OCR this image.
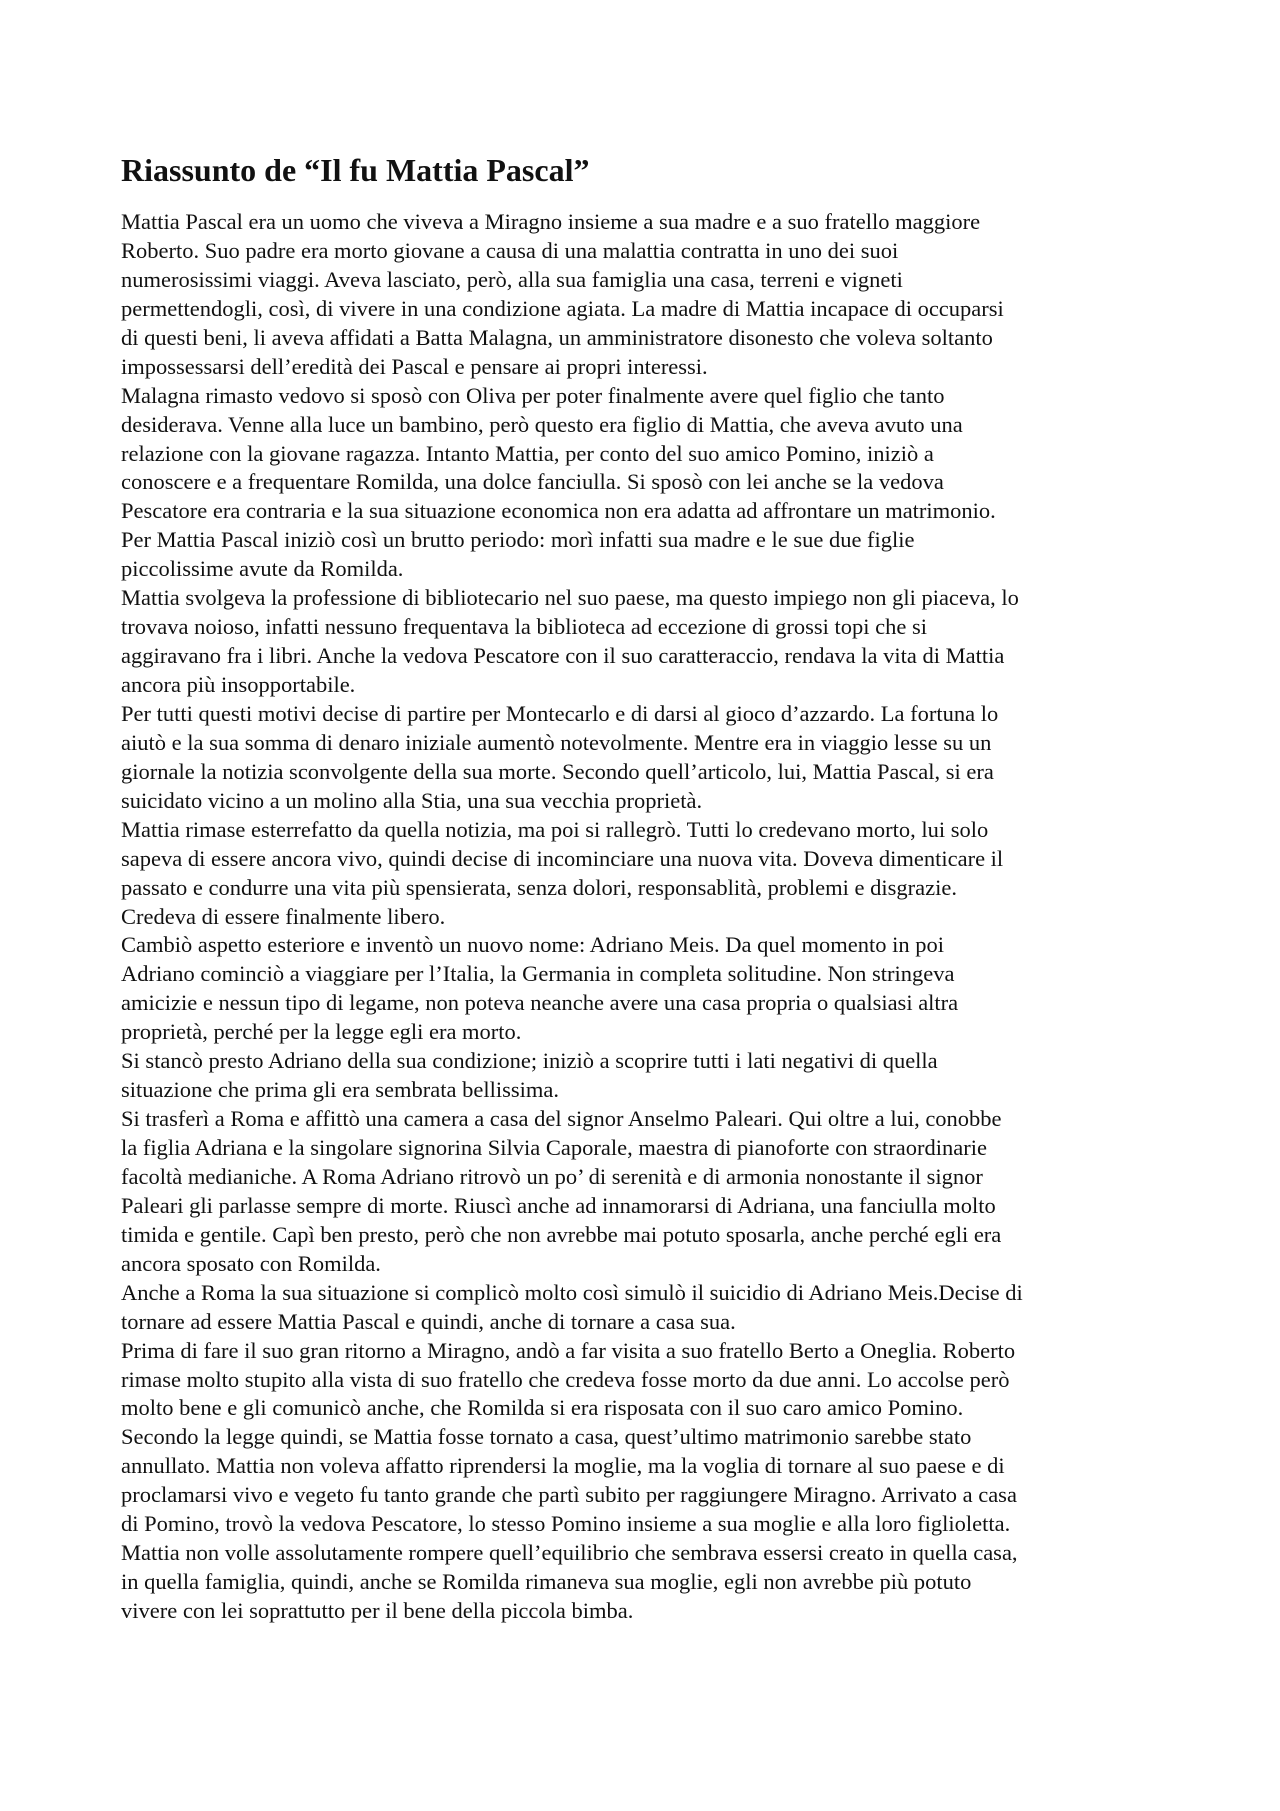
Riassunto de “Il fu Mattia Pascal”
Mattia Pascal era un uomo che viveva a Miragno insieme a sua madre e a suo fratello maggiore
Roberto. Suo padre era morto giovane a causa di una malattia contratta in uno dei suoi
numerosissimi viaggi. Aveva lasciato, però, alla sua famiglia una casa, terreni e vigneti
permettendogli, così, di vivere in una condizione agiata. La madre di Mattia incapace di occuparsi
di questi beni, li aveva affidati a Batta Malagna, un amministratore disonesto che voleva soltanto
impossessarsi dell’eredità dei Pascal e pensare ai propri interessi.
Malagna rimasto vedovo si sposò con Oliva per poter finalmente avere quel figlio che tanto
desiderava. Venne alla luce un bambino, però questo era figlio di Mattia, che aveva avuto una
relazione con la giovane ragazza. Intanto Mattia, per conto del suo amico Pomino, iniziò a
conoscere e a frequentare Romilda, una dolce fanciulla. Si sposò con lei anche se la vedova
Pescatore era contraria e la sua situazione economica non era adatta ad affrontare un matrimonio.
Per Mattia Pascal iniziò così un brutto periodo: morì infatti sua madre e le sue due figlie
piccolissime avute da Romilda.
Mattia svolgeva la professione di bibliotecario nel suo paese, ma questo impiego non gli piaceva, lo
trovava noioso, infatti nessuno frequentava la biblioteca ad eccezione di grossi topi che si
aggiravano fra i libri. Anche la vedova Pescatore con il suo caratteraccio, rendava la vita di Mattia
ancora più insopportabile.
Per tutti questi motivi decise di partire per Montecarlo e di darsi al gioco d’azzardo. La fortuna lo
aiutò e la sua somma di denaro iniziale aumentò notevolmente. Mentre era in viaggio lesse su un
giornale la notizia sconvolgente della sua morte. Secondo quell’articolo, lui, Mattia Pascal, si era
suicidato vicino a un molino alla Stia, una sua vecchia proprietà.
Mattia rimase esterrefatto da quella notizia, ma poi si rallegrò. Tutti lo credevano morto, lui solo
sapeva di essere ancora vivo, quindi decise di incominciare una nuova vita. Doveva dimenticare il
passato e condurre una vita più spensierata, senza dolori, responsablità, problemi e disgrazie.
Credeva di essere finalmente libero.
Cambiò aspetto esteriore e inventò un nuovo nome: Adriano Meis. Da quel momento in poi
Adriano cominciò a viaggiare per l’Italia, la Germania in completa solitudine. Non stringeva
amicizie e nessun tipo di legame, non poteva neanche avere una casa propria o qualsiasi altra
proprietà, perché per la legge egli era morto.
Si stancò presto Adriano della sua condizione; iniziò a scoprire tutti i lati negativi di quella
situazione che prima gli era sembrata bellissima.
Si trasferì a Roma e affittò una camera a casa del signor Anselmo Paleari. Qui oltre a lui, conobbe
la figlia Adriana e la singolare signorina Silvia Caporale, maestra di pianoforte con straordinarie
facoltà medianiche. A Roma Adriano ritrovò un po’ di serenità e di armonia nonostante il signor
Paleari gli parlasse sempre di morte. Riuscì anche ad innamorarsi di Adriana, una fanciulla molto
timida e gentile. Capì ben presto, però che non avrebbe mai potuto sposarla, anche perché egli era
ancora sposato con Romilda.
Anche a Roma la sua situazione si complicò molto così simulò il suicidio di Adriano Meis.Decise di
tornare ad essere Mattia Pascal e quindi, anche di tornare a casa sua.
Prima di fare il suo gran ritorno a Miragno, andò a far visita a suo fratello Berto a Oneglia. Roberto
rimase molto stupito alla vista di suo fratello che credeva fosse morto da due anni. Lo accolse però
molto bene e gli comunicò anche, che Romilda si era risposata con il suo caro amico Pomino.
Secondo la legge quindi, se Mattia fosse tornato a casa, quest’ultimo matrimonio sarebbe stato
annullato. Mattia non voleva affatto riprendersi la moglie, ma la voglia di tornare al suo paese e di
proclamarsi vivo e vegeto fu tanto grande che partì subito per raggiungere Miragno. Arrivato a casa
di Pomino, trovò la vedova Pescatore, lo stesso Pomino insieme a sua moglie e alla loro figlioletta.
Mattia non volle assolutamente rompere quell’equilibrio che sembrava essersi creato in quella casa,
in quella famiglia, quindi, anche se Romilda rimaneva sua moglie, egli non avrebbe più potuto
vivere con lei soprattutto per il bene della piccola bimba.
